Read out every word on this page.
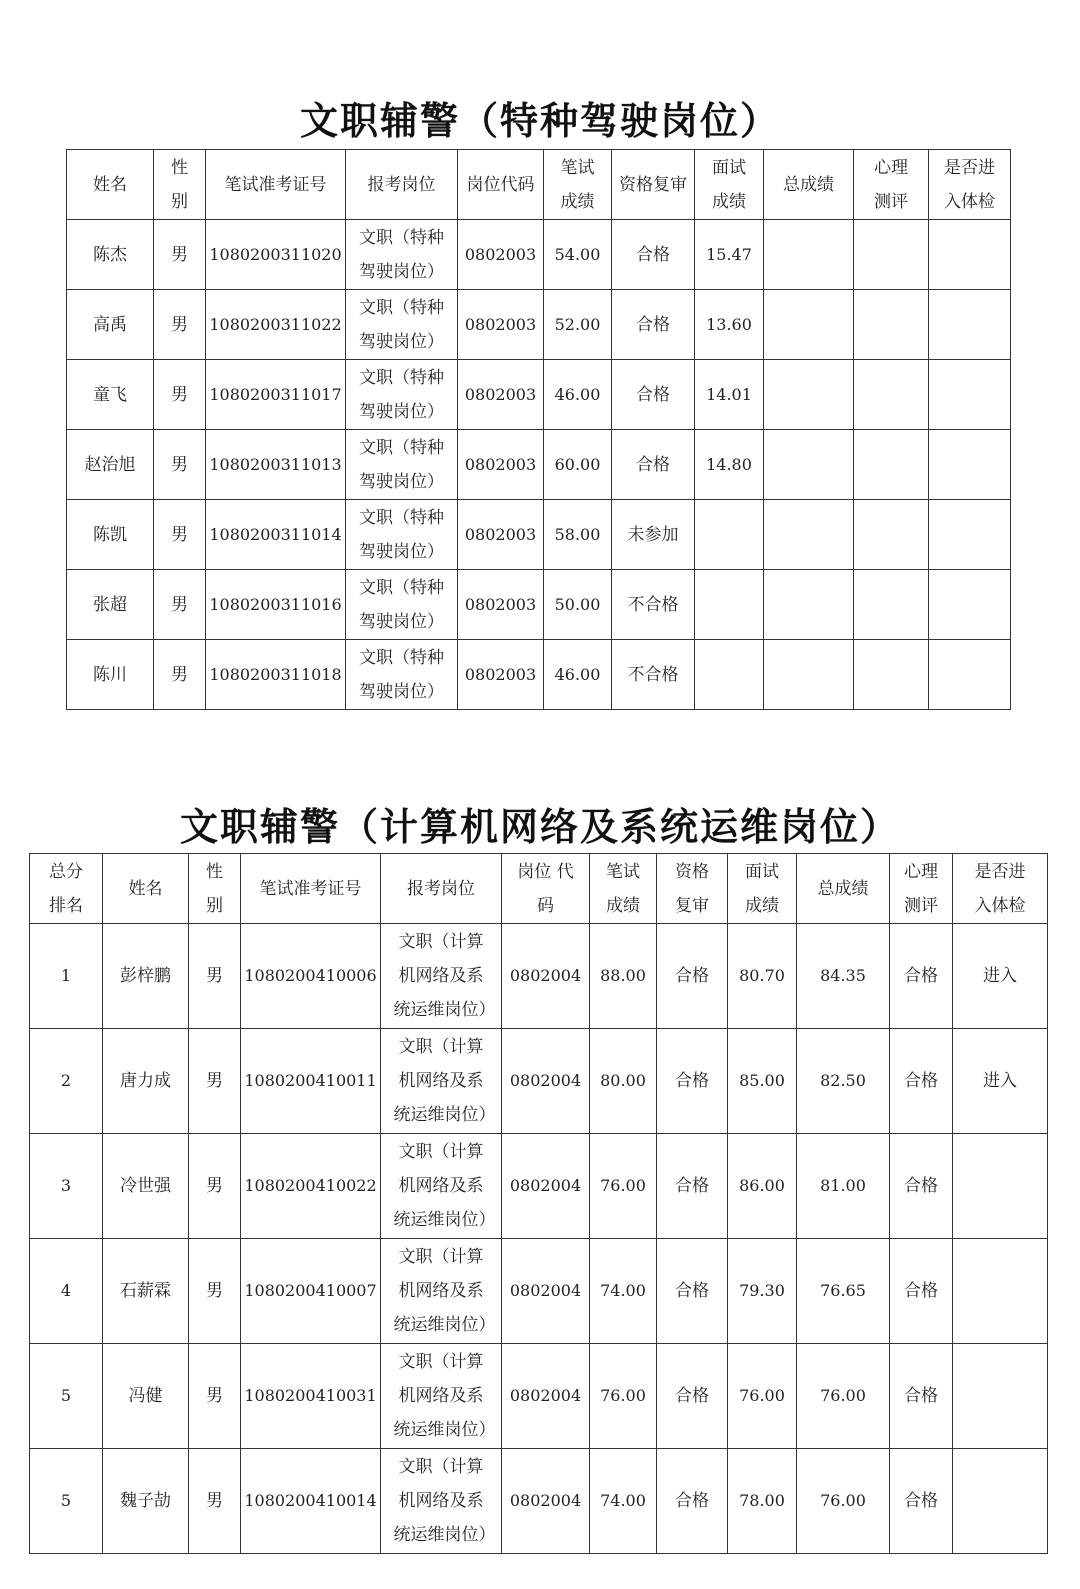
文职辅警（特种驾驶岗位）
姓名	性别	笔试准考证号	报考岗位	岗位代码	笔试成绩	资格复审	面试成绩	总成绩	心理测评	是否进入体检
陈杰	男	1080200311020	文职（特种驾驶岗位）	0802003	54.00	合格	15.47			
高禹	男	1080200311022	文职（特种驾驶岗位）	0802003	52.00	合格	13.60			
童飞	男	1080200311017	文职（特种驾驶岗位）	0802003	46.00	合格	14.01			
赵治旭	男	1080200311013	文职（特种驾驶岗位）	0802003	60.00	合格	14.80			
陈凯	男	1080200311014	文职（特种驾驶岗位）	0802003	58.00	未参加				
张超	男	1080200311016	文职（特种驾驶岗位）	0802003	50.00	不合格				
陈川	男	1080200311018	文职（特种驾驶岗位）	0802003	46.00	不合格				
文职辅警（计算机网络及系统运维岗位）
总分排名	姓名	性别	笔试准考证号	报考岗位	岗位 代码	笔试成绩	资格复审	面试成绩	总成绩	心理测评	是否进入体检
1	彭梓鹏	男	1080200410006	文职（计算机网络及系统运维岗位）	0802004	88.00	合格	80.70	84.35	合格	进入
2	唐力成	男	1080200410011	文职（计算机网络及系统运维岗位）	0802004	80.00	合格	85.00	82.50	合格	进入
3	冷世强	男	1080200410022	文职（计算机网络及系统运维岗位）	0802004	76.00	合格	86.00	81.00	合格	
4	石薪霖	男	1080200410007	文职（计算机网络及系统运维岗位）	0802004	74.00	合格	79.30	76.65	合格	
5	冯健	男	1080200410031	文职（计算机网络及系统运维岗位）	0802004	76.00	合格	76.00	76.00	合格	
5	魏子劼	男	1080200410014	文职（计算机网络及系统运维岗位）	0802004	74.00	合格	78.00	76.00	合格	
